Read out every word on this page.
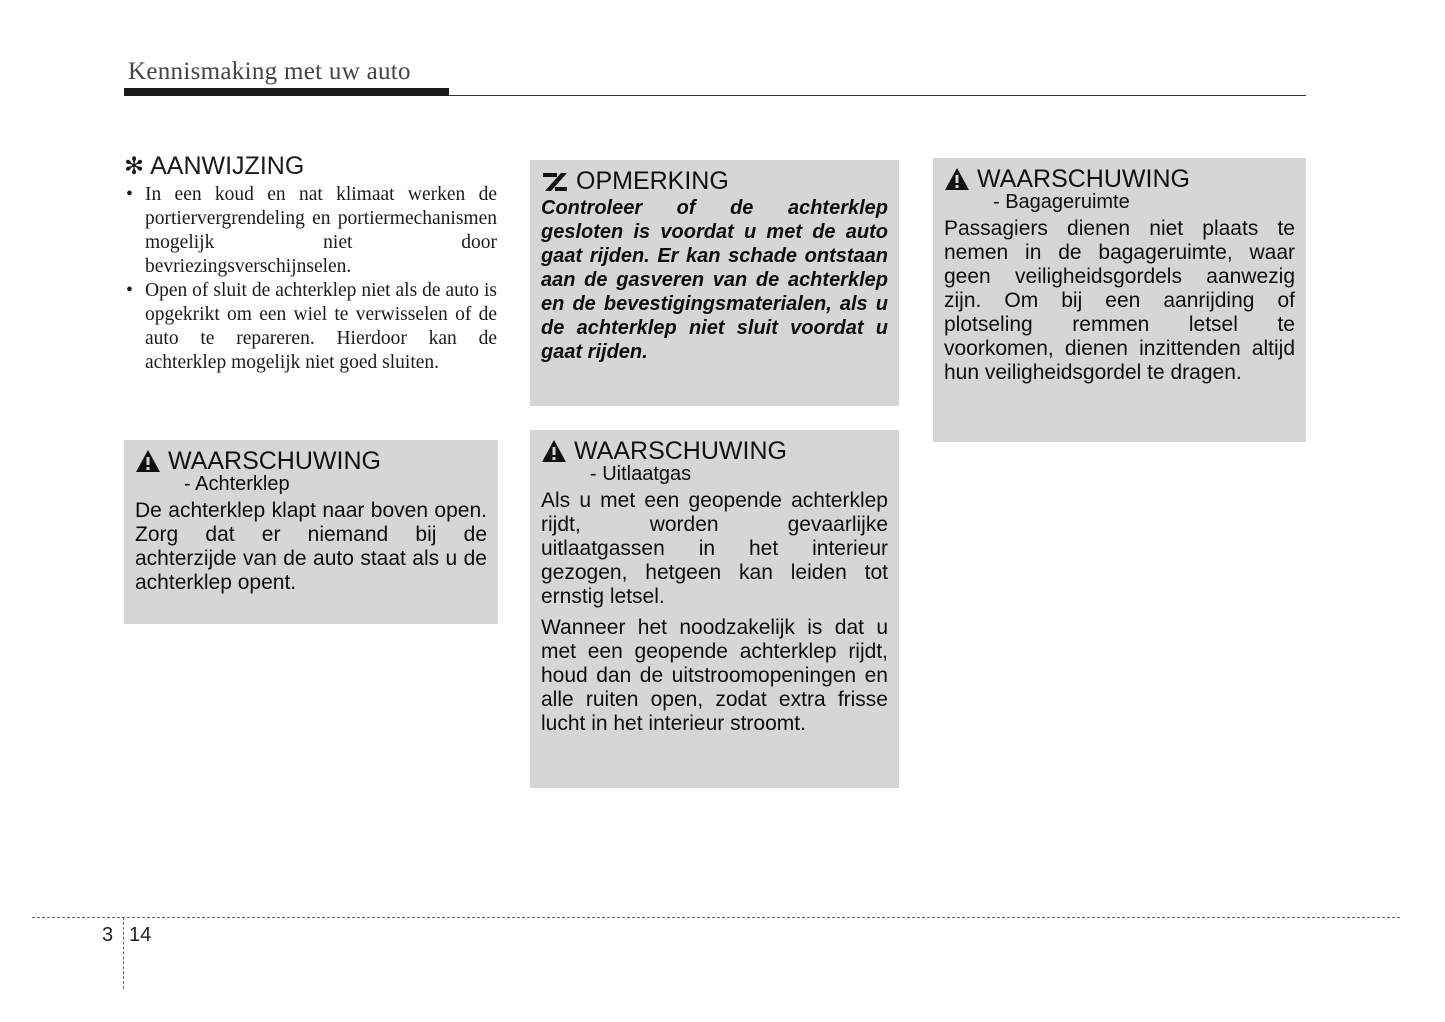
Kennismaking met uw auto
✻ AANWIJZING
• In een koud en nat klimaat werken de portiervergrendeling en portiermechanismen mogelijk niet door bevriezingsverschijnselen.
• Open of sluit de achterklep niet als de auto is opgekrikt om een wiel te verwisselen of de auto te repareren. Hierdoor kan de achterklep mogelijk niet goed sluiten.
WAARSCHUWING
- Achterklep

De achterklep klapt naar boven open. Zorg dat er niemand bij de achterzijde van de auto staat als u de achterklep opent.

OPMERKING

Controleer of de achterklep gesloten is voordat u met de auto gaat rijden. Er kan schade ontstaan aan de gasveren van de achterklep en de bevestigingsmaterialen, als u de achterklep niet sluit voordat u gaat rijden.

WAARSCHUWING
- Uitlaatgas

Als u met een geopende achterklep rijdt, worden gevaarlijke uitlaatgassen in het interieur gezogen, hetgeen kan leiden tot ernstig letsel.

Wanneer het noodzakelijk is dat u met een geopende achterklep rijdt, houd dan de uitstroomopeningen en alle ruiten open, zodat extra frisse lucht in het interieur stroomt.

WAARSCHUWING
- Bagageruimte

Passagiers dienen niet plaats te nemen in de bagageruimte, waar geen veiligheidsgordels aanwezig zijn. Om bij een aanrijding of plotseling remmen letsel te voorkomen, dienen inzittenden altijd hun veiligheidsgordel te dragen.

3 14
